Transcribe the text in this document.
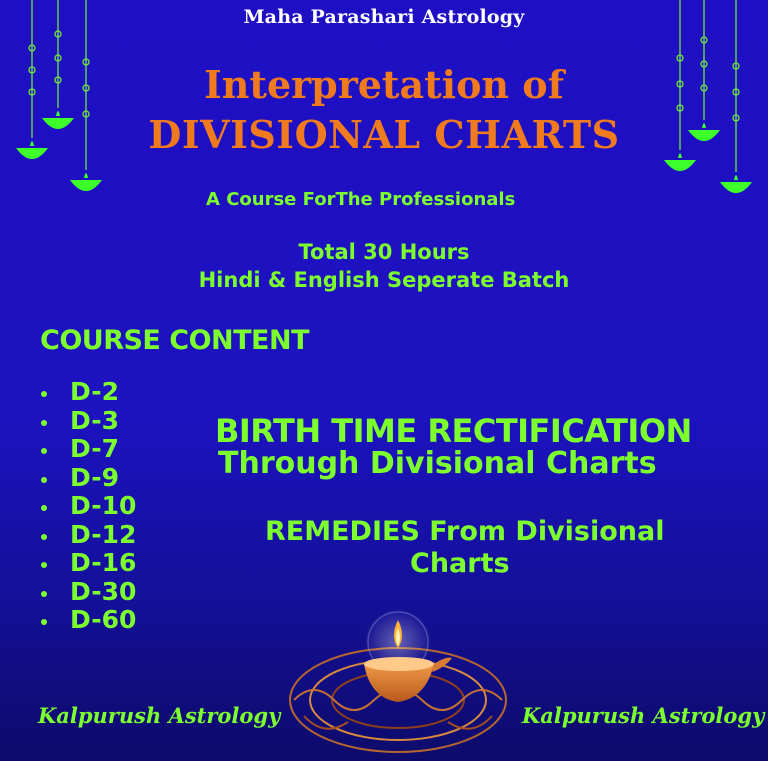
Maha Parashari Astrology
Interpretation of
DIVISIONAL CHARTS
A Course ForThe Professionals
Total 30 Hours
Hindi & English Seperate Batch
COURSE CONTENT
D-2
D-3
D-7
D-9
D-10
D-12
D-16
D-30
D-60
BIRTH TIME RECTIFICATION
Through Divisional Charts
REMEDIES From Divisional
Charts
Kalpurush Astrology	Kalpurush Astrology
